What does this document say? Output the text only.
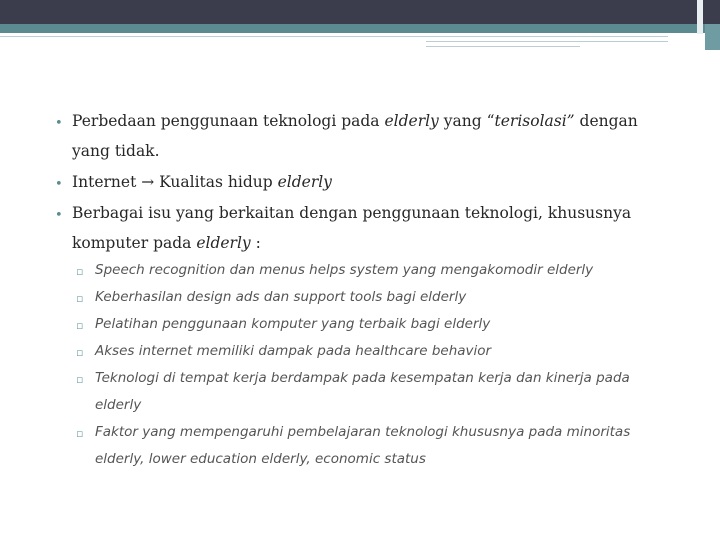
• Perbedaan penggunaan teknologi pada elderly yang “terisolasi” dengan
yang tidak.
• Internet → Kualitas hidup elderly
• Berbagai isu yang berkaitan dengan penggunaan teknologi, khususnya
komputer pada elderly :
▫ Speech recognition dan menus helps system yang mengakomodir elderly
▫ Keberhasilan design ads dan support tools bagi elderly
▫ Pelatihan penggunaan komputer yang terbaik bagi elderly
▫ Akses internet memiliki dampak pada healthcare behavior
▫ Teknologi di tempat kerja berdampak pada kesempatan kerja dan kinerja pada
elderly
▫ Faktor yang mempengaruhi pembelajaran teknologi khususnya pada minoritas
elderly, lower education elderly, economic status
